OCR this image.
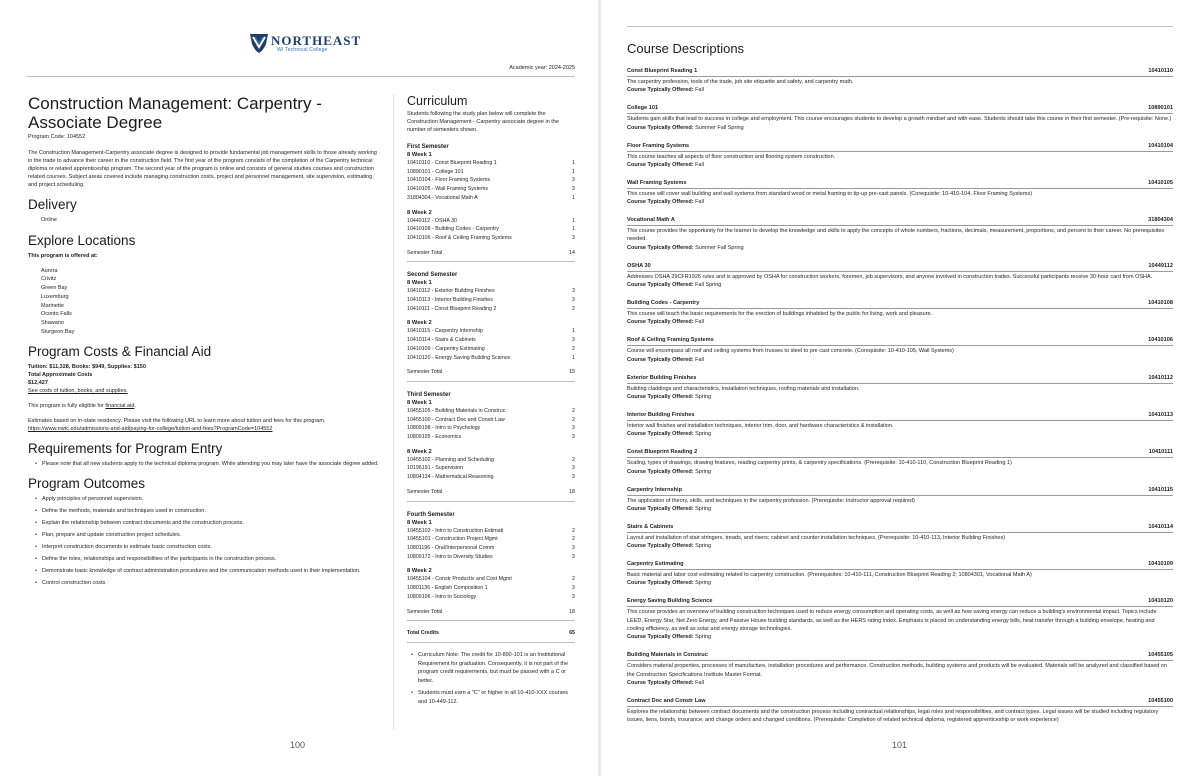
NORTHEAST
WI Technical College
Academic year: 2024-2025
Construction Management: Carpentry - Associate Degree
Program Code: 104552

The Construction Management-Carpentry associate degree is designed to provide fundamental job management skills to those already working in the trade to advance their career in the construction field. The first year of the program consists of the completion of the Carpentry technical diploma or related apprenticeship program. The second year of the program is online and consists of general studies courses and construction related courses. Subject areas covered include managing construction costs, project and personnel management, site supervision, estimating, and project scheduling.

Delivery
Online
Explore Locations
This program is offered at:
Aurora
Crivitz
Green Bay
Luxemburg
Marinette
Oconto Falls
Shawano
Sturgeon Bay
Program Costs & Financial Aid
Tuition: $11,328, Books: $949, Supplies: $150
Total Approximate Costs
$12,427
See costs of tuition, books, and supplies.
This program is fully eligible for financial aid.
Estimates based on in-state residency. Please visit the following URL to learn more about tuition and fees for this program.
https://www.nwtc.edu/admissions-and-aid/paying-for-college/tuition-and-fees?ProgramCode=104552
Requirements for Program Entry
• Please note that all new students apply to the technical diploma program. While attending you may later have the associate degree added.
Program Outcomes
• Apply principles of personnel supervision.
• Define the methods, materials and techniques used in construction.
• Explain the relationship between contract documents and the construction process.
• Plan, prepare and update construction project schedules.
• Interpret construction documents to estimate basic construction costs.
• Define the roles, relationships and responsibilities of the participants in the construction process.
• Demonstrate basic knowledge of contract administration procedures and the communication methods used in their implementation.
• Control construction costs.
Curriculum
Students following the study plan below will complete the Construction Management - Carpentry associate degree in the number of semesters shown.
First Semester
8 Week 1
10410110 - Const Blueprint Reading 1	1
10890101 - College 101	1
10410104 - Floor Framing Systems	3
10410105 - Wall Framing Systems	3
31804304 - Vocational Math A	1
8 Week 2
10449112 - OSHA 30	1
10410108 - Building Codes - Carpentry	1
10410106 - Roof & Ceiling Framing Systems	3
Semester Total	14
Second Semester
8 Week 1
10410112 - Exterior Building Finishes	3
10410113 - Interior Building Finishes	3
10410111 - Const Blueprint Reading 2	2
8 Week 2
10410115 - Carpentry Internship	1
10410114 - Stairs & Cabinets	3
10410109 - Carpentry Estimating	2
10410120 - Energy Saving Building Science	1
Semester Total	15
Third Semester
8 Week 1
10455105 - Building Materials in Construc	2
10455100 - Contract Doc and Constr Law	2
10809198 - Intro to Psychology	3
10809195 - Economics	3
8 Week 2
10455102 - Planning and Scheduling	2
10196191 - Supervision	3
10804134 - Mathematical Reasoning	3
Semester Total	18
Fourth Semester
8 Week 1
10455103 - Intro to Construction Estimati	2
10455101 - Construction Project Mgmt	2
10801196 - Oral/Interpersonal Comm	3
10809172 - Intro to Diversity Studies	3
8 Week 2
10455104 - Constr Productiv and Cost Mgmt	2
10801136 - English Composition 1	3
10809196 - Intro to Sociology	3
Semester Total	18
Total Credits	65
• Curriculum Note: The credit for 10-890-101 is an Institutional Requirement for graduation. Consequently, it is not part of the program credit requirements, but must be passed with a C or better.
• Students must earn a "C" or higher in all 10-410-XXX courses and 10-449-112.
100
Course Descriptions
Const Blueprint Reading 1	10410110
The carpentry profession, tools of the trade, job site etiquette and safety, and carpentry math.
Course Typically Offered: Fall
College 101	10890101
Students gain skills that lead to success in college and employment. This course encourages students to develop a growth mindset and with ease. Students should take this course in their first semester. (Pre-requisite: None.)
Course Typically Offered: Summer Fall Spring
Floor Framing Systems	10410104
This course teaches all aspects of floor construction and flooring system construction.
Course Typically Offered: Fall
Wall Framing Systems	10410105
This course will cover wall building and wall systems from standard wood or metal framing to tip-up pre-cast panels. (Corequisite: 10-410-104, Floor Framing Systems)
Course Typically Offered: Fall
Vocational Math A	31804304
This course provides the opportunity for the learner to develop the knowledge and skills to apply the concepts of whole numbers, fractions, decimals, measurement, proportions, and percent to their career. No prerequisites needed.
Course Typically Offered: Summer Fall Spring
OSHA 30	10449112
Addresses OSHA 29CFR1926 rules and is approved by OSHA for construction workers, foremen, job supervisors, and anyone involved in construction trades. Successful participants receive 30-hour card from OSHA.
Course Typically Offered: Fall Spring
Building Codes - Carpentry	10410108
This course will teach the basic requirements for the erection of buildings inhabited by the public for living, work and pleasure.
Course Typically Offered: Fall
Roof & Ceiling Framing Systems	10410106
Course will encompass all roof and ceiling systems from trusses to steel to pre cast concrete. (Corequisite: 10-410-105, Wall Systems)
Course Typically Offered: Fall
Exterior Building Finishes	10410112
Building claddings and characteristics, installation techniques, roofing materials and installation.
Course Typically Offered: Spring
Interior Building Finishes	10410113
Interior wall finishes and installation techniques, interior trim, door, and hardware characteristics & installation.
Course Typically Offered: Spring
Const Blueprint Reading 2	10410111
Scaling, types of drawings, drawing features, reading carpentry prints, & carpentry specifications. (Prerequisite: 10-410-110, Construction Blueprint Reading 1)
Course Typically Offered: Spring
Carpentry Internship	10410115
The application of theory, skills, and techniques in the carpentry profession. (Prerequisite: Instructor approval required)
Course Typically Offered: Spring
Stairs & Cabinets	10410114
Layout and installation of stair stringers, treads, and risers; cabinet and counter installation techniques. (Prerequisite: 10-410-113, Interior Building Finishes)
Course Typically Offered: Spring
Carpentry Estimating	10410109
Basic material and labor cost estimating related to carpentry construction. (Prerequisites: 10-410-111, Construction Blueprint Reading 2; 10804301, Vocational Math A)
Course Typically Offered: Spring
Energy Saving Building Science	10410120
This course provides an overview of building construction techniques used to reduce energy consumption and operating costs, as well as how saving energy can reduce a building's environmental impact. Topics include LEED, Energy Star, Net Zero Energy, and Passive House building standards, as well as the HERS rating index. Emphasis is placed on understanding energy bills, heat transfer through a building envelope, heating and cooling efficiency, as well as solar and energy storage technologies.
Course Typically Offered: Spring
Building Materials in Construc	10455105
Considers material properties, processes of manufacture, installation procedures and performance. Construction methods, building systems and products will be evaluated. Materials will be analyzed and classified based on the Construction Specifications Institute Master Format.
Course Typically Offered: Fall
Contract Doc and Constr Law	10455100
Explores the relationship between contract documents and the construction process including contractual relationships, legal roles and responsibilities, and contract types. Legal issues will be studied including regulatory issues, liens, bonds, insurance, and change orders and changed conditions. (Prerequisite: Completion of related technical diploma, registered apprenticeship or work experience)
101
